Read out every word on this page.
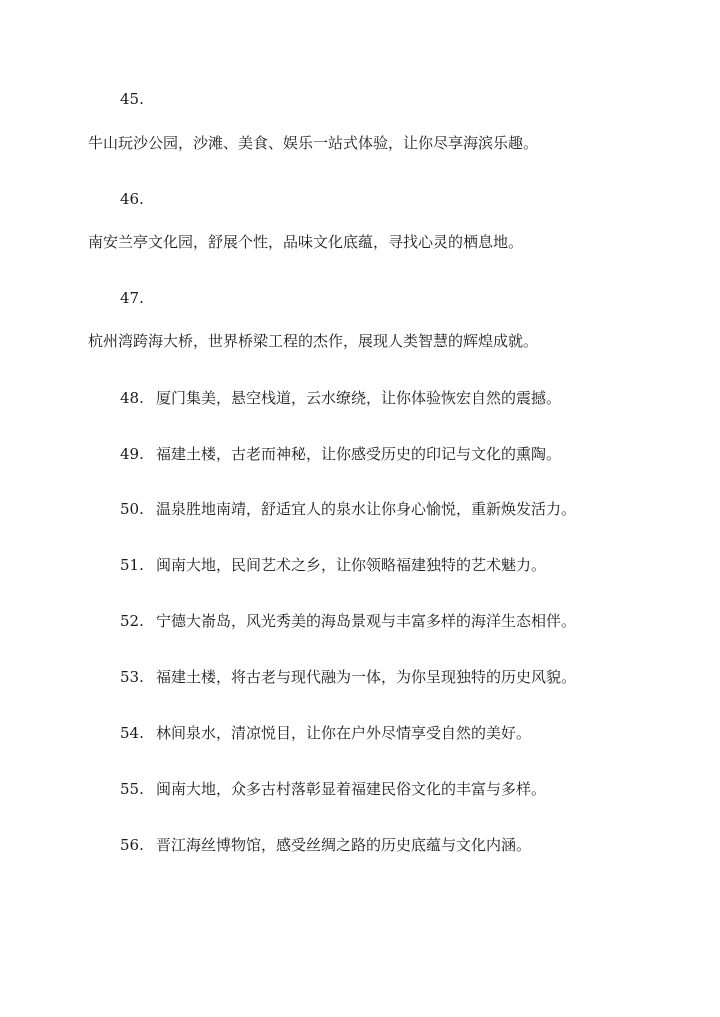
45.
牛山玩沙公园，沙滩、美食、娱乐一站式体验，让你尽享海滨乐趣。
46.
南安兰亭文化园，舒展个性，品味文化底蕴，寻找心灵的栖息地。
47.
杭州湾跨海大桥，世界桥梁工程的杰作，展现人类智慧的辉煌成就。
48. 厦门集美，悬空栈道，云水缭绕，让你体验恢宏自然的震撼。
49. 福建土楼，古老而神秘，让你感受历史的印记与文化的熏陶。
50. 温泉胜地南靖，舒适宜人的泉水让你身心愉悦，重新焕发活力。
51. 闽南大地，民间艺术之乡，让你领略福建独特的艺术魅力。
52. 宁德大嵛岛，风光秀美的海岛景观与丰富多样的海洋生态相伴。
53. 福建土楼，将古老与现代融为一体，为你呈现独特的历史风貌。
54. 林间泉水，清凉悦目，让你在户外尽情享受自然的美好。
55. 闽南大地，众多古村落彰显着福建民俗文化的丰富与多样。
56. 晋江海丝博物馆，感受丝绸之路的历史底蕴与文化内涵。
